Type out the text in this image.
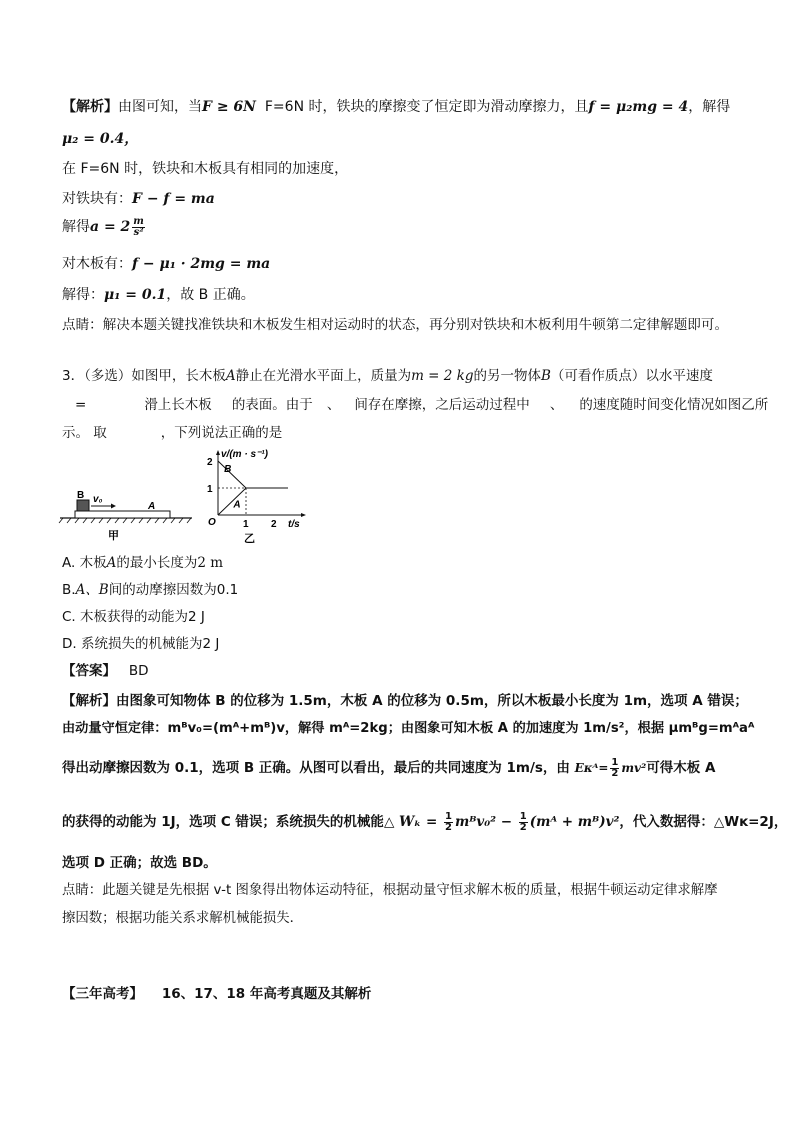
【解析】由图可知，当F ≥ 6N F=6N 时，铁块的摩擦变了恒定即为滑动摩擦力，且f = μ₂mg = 4，解得
μ₂ = 0.4，
在 F=6N 时，铁块和木板具有相同的加速度，
对铁块有：F − f = ma
解得$a = 2 \frac{m}{\text{s²}}$
对木板有：f − μ₁ · 2mg = ma
解得：μ₁ = 0.1，故 B 正确。
点睛：解决本题关键找准铁块和木板发生相对运动时的状态，再分别对铁块和木板利用牛顿第二定律解题即可。
3．（多选）如图甲，长木板A静止在光滑水平面上，质量为m = 2 kg的另一物体B（可看作质点）以水平速度
=	滑上长木板 的表面。由于 、 间存在摩擦，之后运动过程中 、 的速度随时间变化情况如图乙所
示。 取	，下列说法正确的是
B v₀
A
甲
v/(m · s⁻¹)
t/s
O
2
1
1 2
B
A
乙
A. 木板A的最小长度为2 m
B.A、B间的动摩擦因数为0.1
C. 木板获得的动能为2 J
D. 系统损失的机械能为2 J
【答案】 BD
【解析】由图象可知物体 B 的位移为 1.5m，木板 A 的位移为 0.5m，所以木板最小长度为 1m，选项 A 错误；
由动量守恒定律：mᴮv₀=(mᴬ+mᴮ)v，解得 mᴬ=2kg；由图象可知木板 A 的加速度为 1m/s²，根据 μmᴮg=mᴬaᴬ
得出动摩擦因数为 0.1，选项 B 正确。从图可以看出，最后的共同速度为 1m/s，由 Eᴋᴬ= $\frac{1}{2} mv^2$可得木板 A
的获得的动能为 1J，选项 C 错误；系统损失的机械能△ $W_k = \frac{1}{2}$ mᴮv₀² − $\frac{1}{2}$ (mᴬ + mᴮ)v²，代入数据得：△Wᴋ=2J，
选项 D 正确；故选 BD。
点睛：此题关键是先根据 v-t 图象得出物体运动特征，根据动量守恒求解木板的质量，根据牛顿运动定律求解摩
擦因数；根据功能关系求解机械能损失．
【三年高考】 16、17、18 年高考真题及其解析
